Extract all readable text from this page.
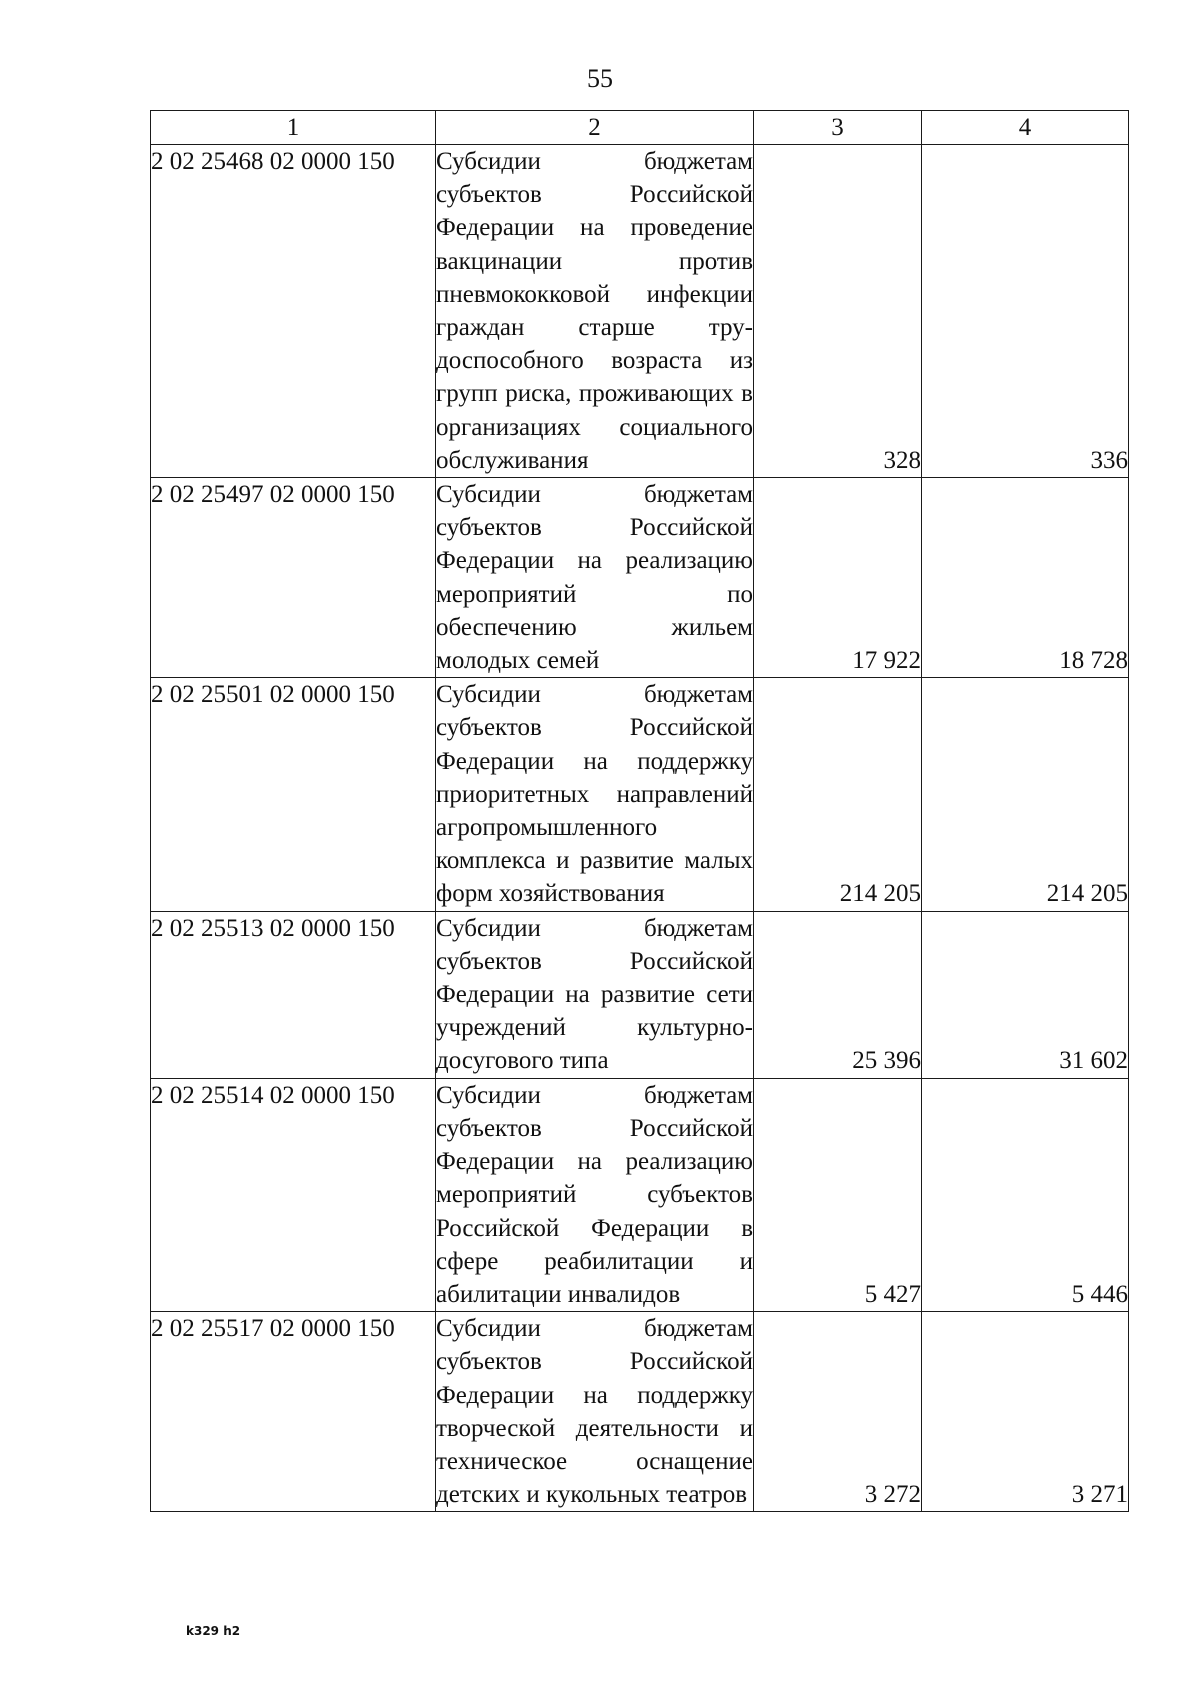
55
1	2	3	4
2 02 25468 02 0000 150	Субсидии бюджетам субъектов Российской Федерации на проведение вакцинации против пневмококковой инфекции граждан старше трудоспособного возраста из групп риска, проживающих в организациях социального обслуживания	328	336
2 02 25497 02 0000 150	Субсидии бюджетам субъектов Российской Федерации на реализацию мероприятий по обеспечению жильем молодых семей	17 922	18 728
2 02 25501 02 0000 150	Субсидии бюджетам субъектов Российской Федерации на поддержку приоритетных направлений агропромышленного комплекса и развитие малых форм хозяйствования	214 205	214 205
2 02 25513 02 0000 150	Субсидии бюджетам субъектов Российской Федерации на развитие сети учреждений культурно-досугового типа	25 396	31 602
2 02 25514 02 0000 150	Субсидии бюджетам субъектов Российской Федерации на реализацию мероприятий субъектов Российской Федерации в сфере реабилитации и абилитации инвалидов	5 427	5 446
2 02 25517 02 0000 150	Субсидии бюджетам субъектов Российской Федерации на поддержку творческой деятельности и техническое оснащение детских и кукольных театров	3 272	3 271
k329 h2
